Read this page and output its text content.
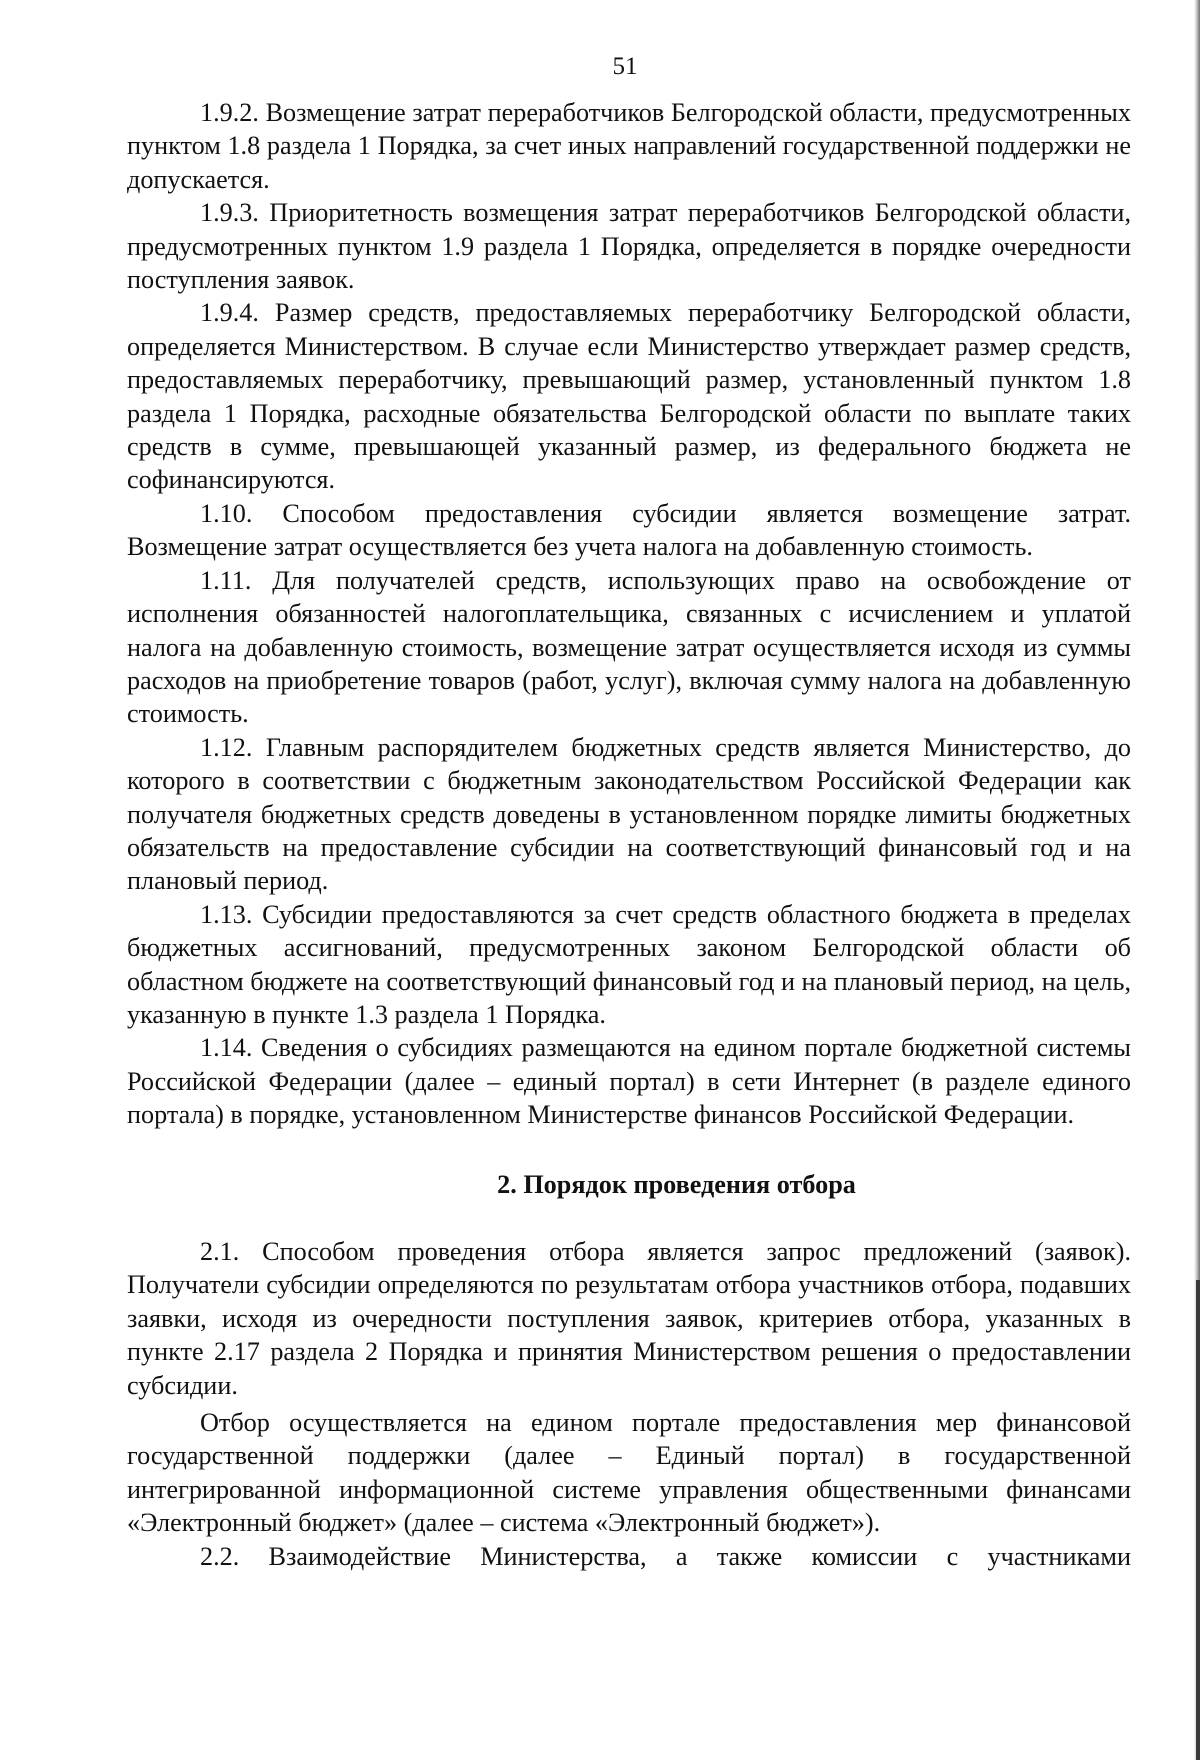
51

1.9.2. Возмещение затрат переработчиков Белгородской области, предусмотренных пунктом 1.8 раздела 1 Порядка, за счет иных направлений государственной поддержки не допускается.

1.9.3. Приоритетность возмещения затрат переработчиков Белгородской области, предусмотренных пунктом 1.9 раздела 1 Порядка, определяется в порядке очередности поступления заявок.

1.9.4. Размер средств, предоставляемых переработчику Белгородской области, определяется Министерством. В случае если Министерство утверждает размер средств, предоставляемых переработчику, превышающий размер, установленный пунктом 1.8 раздела 1 Порядка, расходные обязательства Белгородской области по выплате таких средств в сумме, превышающей указанный размер, из федерального бюджета не софинансируются.

1.10. Способом предоставления субсидии является возмещение затрат. Возмещение затрат осуществляется без учета налога на добавленную стоимость.

1.11. Для получателей средств, использующих право на освобождение от исполнения обязанностей налогоплательщика, связанных с исчислением и уплатой налога на добавленную стоимость, возмещение затрат осуществляется исходя из суммы расходов на приобретение товаров (работ, услуг), включая сумму налога на добавленную стоимость.

1.12. Главным распорядителем бюджетных средств является Министерство, до которого в соответствии с бюджетным законодательством Российской Федерации как получателя бюджетных средств доведены в установленном порядке лимиты бюджетных обязательств на предоставление субсидии на соответствующий финансовый год и на плановый период.

1.13. Субсидии предоставляются за счет средств областного бюджета в пределах бюджетных ассигнований, предусмотренных законом Белгородской области об областном бюджете на соответствующий финансовый год и на плановый период, на цель, указанную в пункте 1.3 раздела 1 Порядка.

1.14. Сведения о субсидиях размещаются на едином портале бюджетной системы Российской Федерации (далее – единый портал) в сети Интернет (в разделе единого портала) в порядке, установленном Министерстве финансов Российской Федерации.

2. Порядок проведения отбора

2.1. Способом проведения отбора является запрос предложений (заявок). Получатели субсидии определяются по результатам отбора участников отбора, подавших заявки, исходя из очередности поступления заявок, критериев отбора, указанных в пункте 2.17 раздела 2 Порядка и принятия Министерством решения о предоставлении субсидии.

Отбор осуществляется на едином портале предоставления мер финансовой государственной поддержки (далее – Единый портал) в государственной интегрированной информационной системе управления общественными финансами «Электронный бюджет» (далее – система «Электронный бюджет»).

2.2. Взаимодействие Министерства, а также комиссии с участниками
